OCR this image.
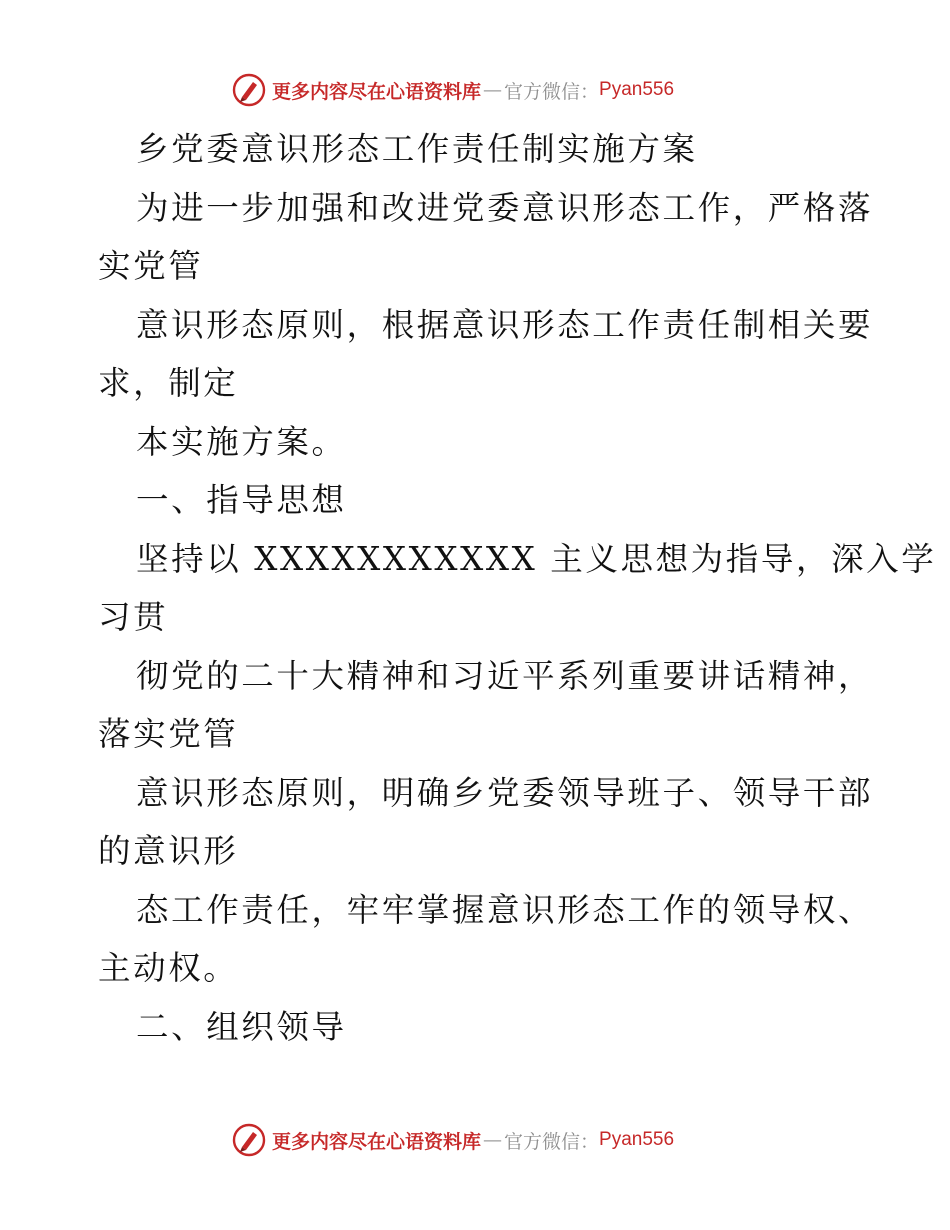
更多内容尽在心语资料库 — 官方微信： Pyan556
乡党委意识形态工作责任制实施方案
为进一步加强和改进党委意识形态工作，严格落
实党管
意识形态原则，根据意识形态工作责任制相关要
求，制定
本实施方案。
一、指导思想
坚持以 XXXXXXXXXXX 主义思想为指导，深入学
习贯
彻党的二十大精神和习近平系列重要讲话精神，
落实党管
意识形态原则，明确乡党委领导班子、领导干部
的意识形
态工作责任，牢牢掌握意识形态工作的领导权、
主动权。
二、组织领导
更多内容尽在心语资料库 — 官方微信： Pyan556
